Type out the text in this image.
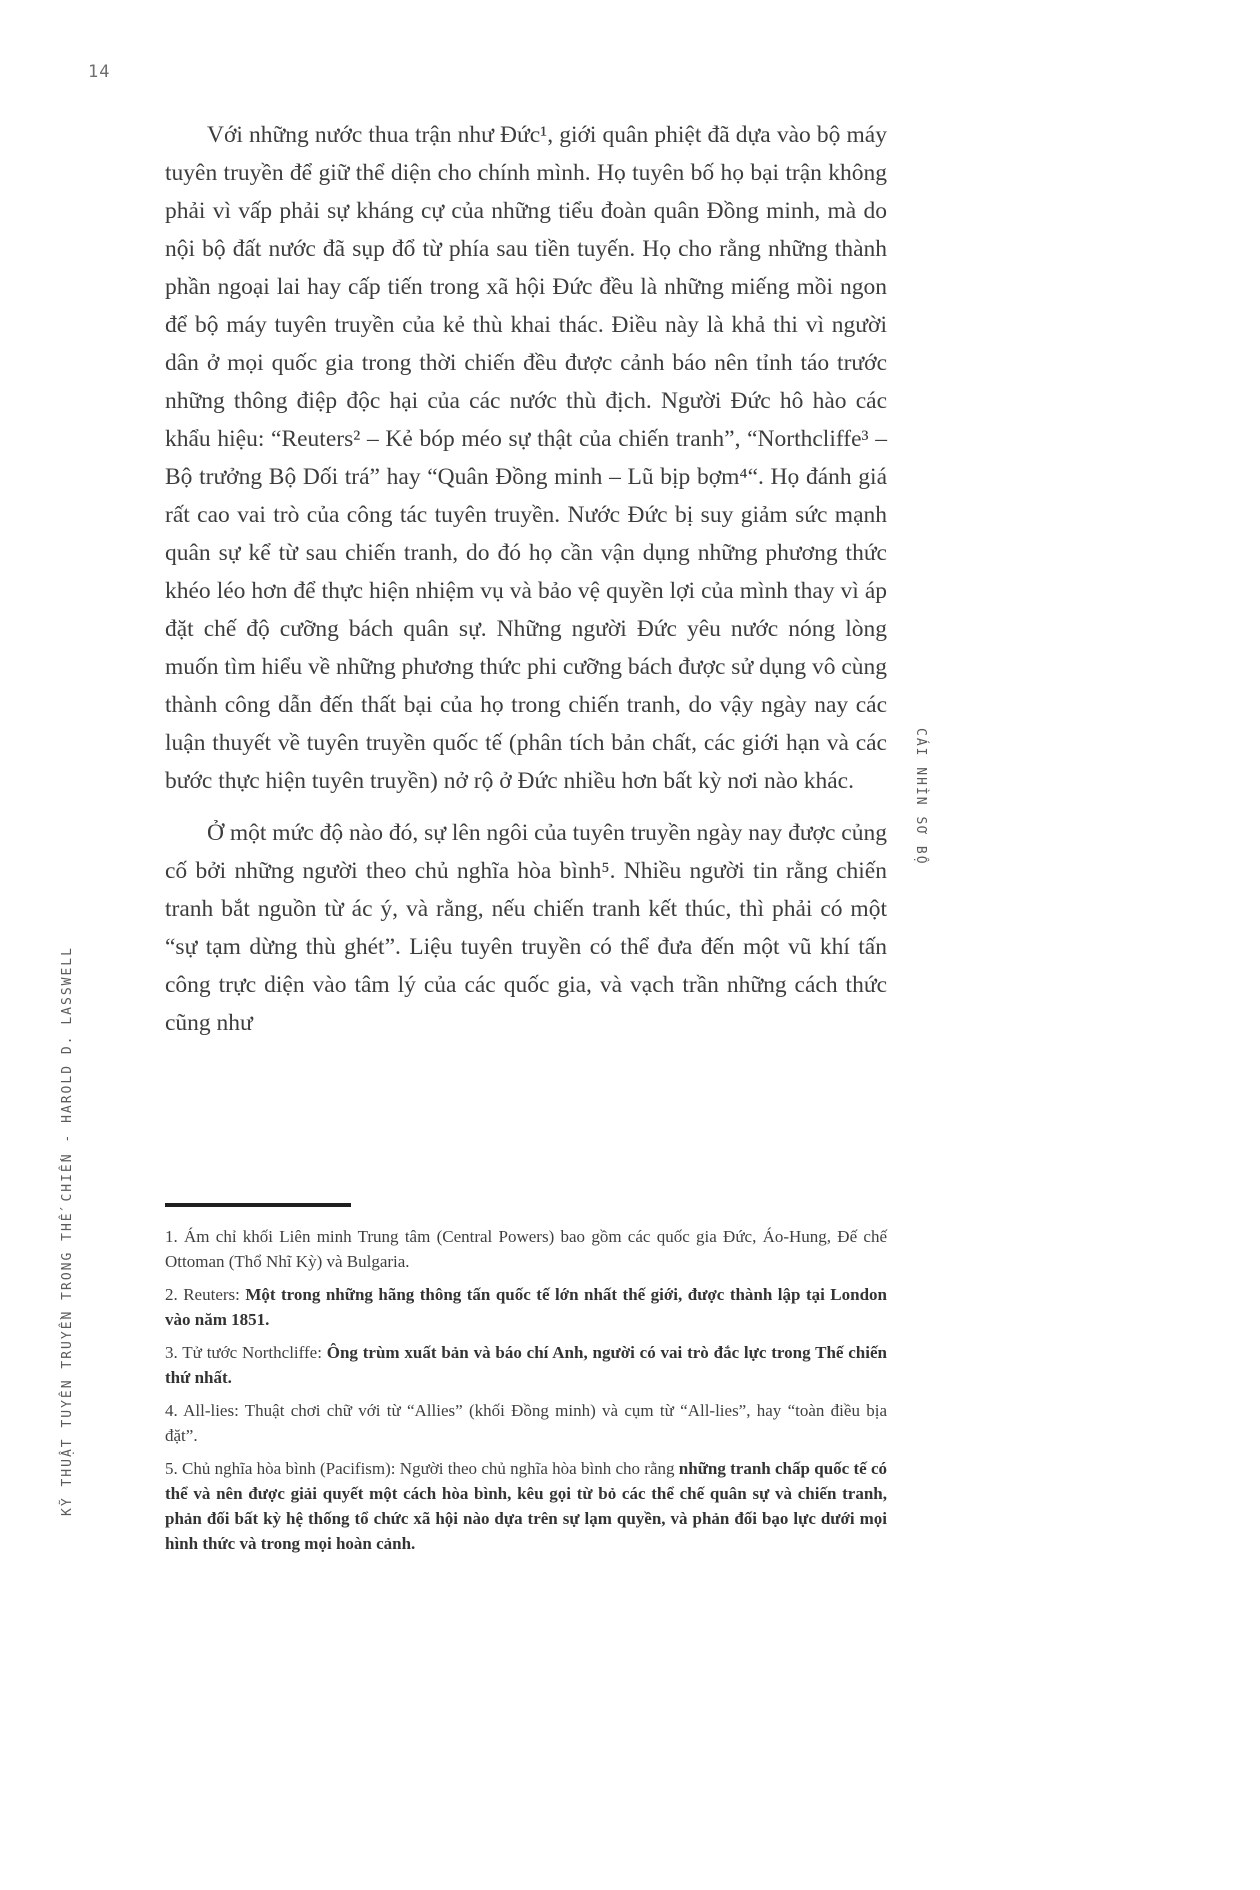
14
KỸ THUẬT TUYÊN TRUYỀN TRONG THẾ CHIẾN - HAROLD D. LASSWELL
CÁI NHÌN SƠ BỘ

Với những nước thua trận như Đức¹, giới quân phiệt đã dựa vào bộ máy tuyên truyền để giữ thể diện cho chính mình. Họ tuyên bố họ bại trận không phải vì vấp phải sự kháng cự của những tiểu đoàn quân Đồng minh, mà do nội bộ đất nước đã sụp đổ từ phía sau tiền tuyến. Họ cho rằng những thành phần ngoại lai hay cấp tiến trong xã hội Đức đều là những miếng mồi ngon để bộ máy tuyên truyền của kẻ thù khai thác. Điều này là khả thi vì người dân ở mọi quốc gia trong thời chiến đều được cảnh báo nên tỉnh táo trước những thông điệp độc hại của các nước thù địch. Người Đức hô hào các khẩu hiệu: “Reuters² – Kẻ bóp méo sự thật của chiến tranh”, “Northcliffe³ – Bộ trưởng Bộ Dối trá” hay “Quân Đồng minh – Lũ bịp bợm⁴“. Họ đánh giá rất cao vai trò của công tác tuyên truyền. Nước Đức bị suy giảm sức mạnh quân sự kể từ sau chiến tranh, do đó họ cần vận dụng những phương thức khéo léo hơn để thực hiện nhiệm vụ và bảo vệ quyền lợi của mình thay vì áp đặt chế độ cưỡng bách quân sự. Những người Đức yêu nước nóng lòng muốn tìm hiểu về những phương thức phi cưỡng bách được sử dụng vô cùng thành công dẫn đến thất bại của họ trong chiến tranh, do vậy ngày nay các luận thuyết về tuyên truyền quốc tế (phân tích bản chất, các giới hạn và các bước thực hiện tuyên truyền) nở rộ ở Đức nhiều hơn bất kỳ nơi nào khác.

Ở một mức độ nào đó, sự lên ngôi của tuyên truyền ngày nay được củng cố bởi những người theo chủ nghĩa hòa bình⁵. Nhiều người tin rằng chiến tranh bắt nguồn từ ác ý, và rằng, nếu chiến tranh kết thúc, thì phải có một “sự tạm dừng thù ghét”. Liệu tuyên truyền có thể đưa đến một vũ khí tấn công trực diện vào tâm lý của các quốc gia, và vạch trần những cách thức cũng như

1. Ám chỉ khối Liên minh Trung tâm (Central Powers) bao gồm các quốc gia Đức, Áo-Hung, Đế chế Ottoman (Thổ Nhĩ Kỳ) và Bulgaria.

2. Reuters: Một trong những hãng thông tấn quốc tế lớn nhất thế giới, được thành lập tại London vào năm 1851.

3. Tử tước Northcliffe: Ông trùm xuất bản và báo chí Anh, người có vai trò đắc lực trong Thế chiến thứ nhất.

4. All-lies: Thuật chơi chữ với từ “Allies” (khối Đồng minh) và cụm từ “All-lies”, hay “toàn điều bịa đặt”.

5. Chủ nghĩa hòa bình (Pacifism): Người theo chủ nghĩa hòa bình cho rằng những tranh chấp quốc tế có thể và nên được giải quyết một cách hòa bình, kêu gọi từ bỏ các thể chế quân sự và chiến tranh, phản đối bất kỳ hệ thống tổ chức xã hội nào dựa trên sự lạm quyền, và phản đối bạo lực dưới mọi hình thức và trong mọi hoàn cảnh.
